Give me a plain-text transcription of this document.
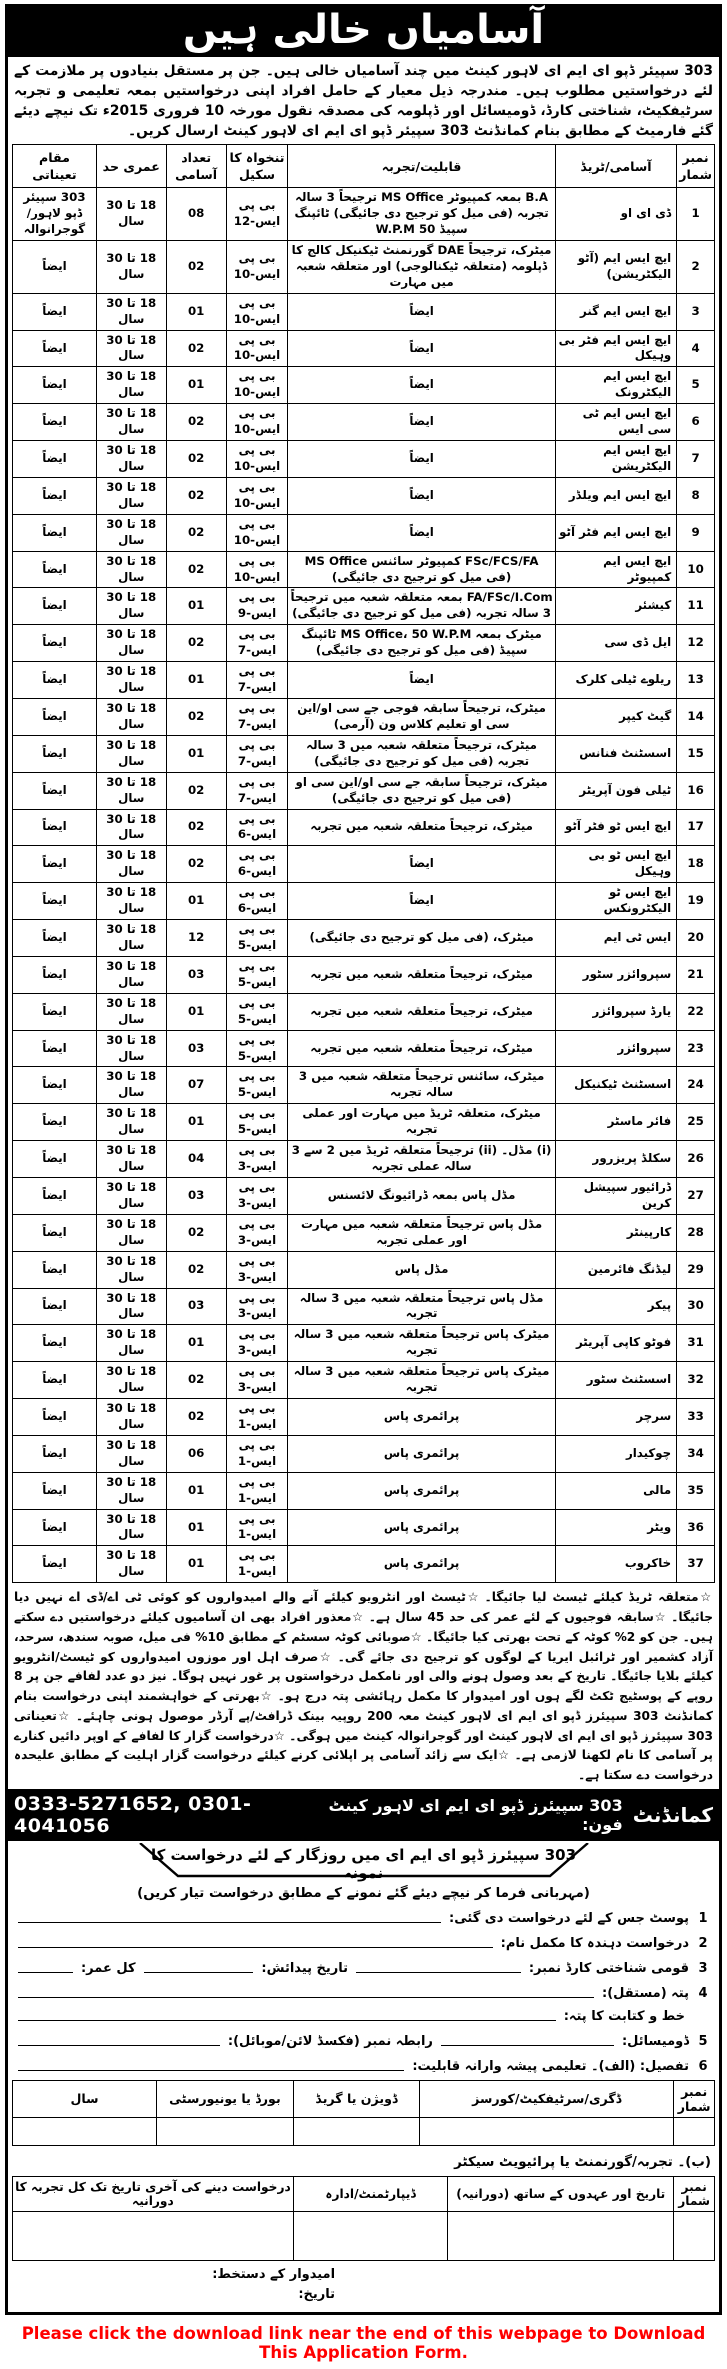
آسامیاں خالی ہیں

303 سپیئر ڈپو ای ایم ای لاہور کینٹ میں چند آسامیاں خالی ہیں۔ جن پر مستقل بنیادوں پر ملازمت کے لئے درخواستیں مطلوب ہیں۔ مندرجہ ذیل معیار کے حامل افراد اپنی درخواستیں بمعہ تعلیمی و تجربہ سرٹیفکیٹ، شناختی کارڈ، ڈومیسائل اور ڈپلومہ کی مصدقہ نقول مورخہ 10 فروری 2015ء تک نیچے دیئے گئے فارمیٹ کے مطابق بنام کمانڈنٹ 303 سپیئر ڈپو ای ایم ای لاہور کینٹ ارسال کریں۔

نمبر شمار	آسامی/ٹریڈ	قابلیت/تجربہ	تنخواہ کا سکیل	تعداد آسامی	عمری حد	مقام تعیناتی
1	ڈی ای او	B.A بمعہ کمپیوٹر MS Office ترجیحاً 3 سالہ تجربہ (فی میل کو ترجیح دی جائیگی) ٹائپنگ سپیڈ 50 W.P.M	بی پی ایس-12	08	18 تا 30 سال	303 سپیئر ڈپو لاہور/گوجرانوالہ
2	ایچ ایس ایم (آٹو الیکٹریشن)	میٹرک، ترجیحاً DAE گورنمنٹ ٹیکنیکل کالج کا ڈپلومہ (متعلقہ ٹیکنالوجی) اور متعلقہ شعبہ میں مہارت	بی پی ایس-10	02	18 تا 30 سال	ایضاً
3	ایچ ایس ایم گنر	ایضاً	بی پی ایس-10	01	18 تا 30 سال	ایضاً
4	ایچ ایس ایم فٹر بی وہیکل	ایضاً	بی پی ایس-10	02	18 تا 30 سال	ایضاً
5	ایچ ایس ایم الیکٹرونک	ایضاً	بی پی ایس-10	01	18 تا 30 سال	ایضاً
6	ایچ ایس ایم ٹی سی ایس	ایضاً	بی پی ایس-10	02	18 تا 30 سال	ایضاً
7	ایچ ایس ایم الیکٹریشن	ایضاً	بی پی ایس-10	02	18 تا 30 سال	ایضاً
8	ایچ ایس ایم ویلڈر	ایضاً	بی پی ایس-10	02	18 تا 30 سال	ایضاً
9	ایچ ایس ایم فٹر آٹو	ایضاً	بی پی ایس-10	02	18 تا 30 سال	ایضاً
10	ایچ ایس ایم کمپیوٹر	FSc/FCS/FA کمپیوٹر سائنس MS Office (فی میل کو ترجیح دی جائیگی)	بی پی ایس-10	02	18 تا 30 سال	ایضاً
11	کیشئر	FA/FSc/I.Com بمعہ متعلقہ شعبہ میں ترجیحاً 3 سالہ تجربہ (فی میل کو ترجیح دی جائیگی)	بی پی ایس-9	01	18 تا 30 سال	ایضاً
12	ایل ڈی سی	میٹرک بمعہ MS Office، 50 W.P.M ٹائپنگ سپیڈ (فی میل کو ترجیح دی جائیگی)	بی پی ایس-7	02	18 تا 30 سال	ایضاً
13	ریلوے ٹیلی کلرک	ایضاً	بی پی ایس-7	01	18 تا 30 سال	ایضاً
14	گیٹ کیپر	میٹرک، ترجیحاً سابقہ فوجی جے سی او/این سی او تعلیم کلاس ون (آرمی)	بی پی ایس-7	02	18 تا 30 سال	ایضاً
15	اسسٹنٹ فنانس	میٹرک، ترجیحاً متعلقہ شعبہ میں 3 سالہ تجربہ (فی میل کو ترجیح دی جائیگی)	بی پی ایس-7	01	18 تا 30 سال	ایضاً
16	ٹیلی فون آپریٹر	میٹرک، ترجیحاً سابقہ جے سی او/این سی او (فی میل کو ترجیح دی جائیگی)	بی پی ایس-7	02	18 تا 30 سال	ایضاً
17	ایچ ایس ٹو فٹر آٹو	میٹرک، ترجیحاً متعلقہ شعبہ میں تجربہ	بی پی ایس-6	02	18 تا 30 سال	ایضاً
18	ایچ ایس ٹو بی وہیکل	ایضاً	بی پی ایس-6	02	18 تا 30 سال	ایضاً
19	ایچ ایس ٹو الیکٹرونکس	ایضاً	بی پی ایس-6	01	18 تا 30 سال	ایضاً
20	ایس ٹی ایم	میٹرک، (فی میل کو ترجیح دی جائیگی)	بی پی ایس-5	12	18 تا 30 سال	ایضاً
21	سپروائزر سٹور	میٹرک، ترجیحاً متعلقہ شعبہ میں تجربہ	بی پی ایس-5	03	18 تا 30 سال	ایضاً
22	یارڈ سپروائزر	میٹرک، ترجیحاً متعلقہ شعبہ میں تجربہ	بی پی ایس-5	01	18 تا 30 سال	ایضاً
23	سپروائزر	میٹرک، ترجیحاً متعلقہ شعبہ میں تجربہ	بی پی ایس-5	03	18 تا 30 سال	ایضاً
24	اسسٹنٹ ٹیکنیکل	میٹرک، سائنس ترجیحاً متعلقہ شعبہ میں 3 سالہ تجربہ	بی پی ایس-5	07	18 تا 30 سال	ایضاً
25	فائر ماسٹر	میٹرک، متعلقہ ٹریڈ میں مہارت اور عملی تجربہ	بی پی ایس-5	01	18 تا 30 سال	ایضاً
26	سکلڈ پریزرور	(i) مڈل۔ (ii) ترجیحاً متعلقہ ٹریڈ میں 2 سے 3 سالہ عملی تجربہ	بی پی ایس-3	04	18 تا 30 سال	ایضاً
27	ڈرائیور سپیشل کرین	مڈل پاس بمعہ ڈرائیونگ لائسنس	بی پی ایس-3	03	18 تا 30 سال	ایضاً
28	کارپینٹر	مڈل پاس ترجیحاً متعلقہ شعبہ میں مہارت اور عملی تجربہ	بی پی ایس-3	02	18 تا 30 سال	ایضاً
29	لیڈنگ فائرمین	مڈل پاس	بی پی ایس-3	02	18 تا 30 سال	ایضاً
30	پیکر	مڈل پاس ترجیحاً متعلقہ شعبہ میں 3 سالہ تجربہ	بی پی ایس-3	03	18 تا 30 سال	ایضاً
31	فوٹو کاپی آپریٹر	میٹرک پاس ترجیحاً متعلقہ شعبہ میں 3 سالہ تجربہ	بی پی ایس-3	01	18 تا 30 سال	ایضاً
32	اسسٹنٹ سٹور	میٹرک پاس ترجیحاً متعلقہ شعبہ میں 3 سالہ تجربہ	بی پی ایس-3	02	18 تا 30 سال	ایضاً
33	سرچر	پرائمری پاس	بی پی ایس-1	02	18 تا 30 سال	ایضاً
34	چوکیدار	پرائمری پاس	بی پی ایس-1	06	18 تا 30 سال	ایضاً
35	مالی	پرائمری پاس	بی پی ایس-1	01	18 تا 30 سال	ایضاً
36	ویٹر	پرائمری پاس	بی پی ایس-1	01	18 تا 30 سال	ایضاً
37	خاکروب	پرائمری پاس	بی پی ایس-1	01	18 تا 30 سال	ایضاً

☆متعلقہ ٹریڈ کیلئے ٹیسٹ لیا جائیگا۔☆ٹیسٹ اور انٹرویو کیلئے آنے والے امیدواروں کو کوئی ٹی اے/ڈی اے نہیں دیا جائیگا۔☆سابقہ فوجیوں کے لئے عمر کی حد 45 سال ہے۔☆معذور افراد بھی ان آسامیوں کیلئے درخواستیں دے سکتے ہیں۔ جن کو 2% کوٹہ کے تحت بھرتی کیا جائیگا۔☆صوبائی کوٹہ سسٹم کے مطابق 10% فی میل، صوبہ سندھ، سرحد، آزاد کشمیر اور ٹرائبل ایریا کے لوگوں کو ترجیح دی جائے گی۔☆صرف اہل اور موزوں امیدواروں کو ٹیسٹ/انٹرویو کیلئے بلایا جائیگا۔ تاریخ کے بعد وصول ہونے والی اور نامکمل درخواستوں پر غور نہیں ہوگا۔ نیز دو عدد لفافے جن پر 8 روپے کے پوسٹیج ٹکٹ لگے ہوں اور امیدوار کا مکمل رہائشی پتہ درج ہو۔☆بھرتی کے خواہشمند اپنی درخواست بنام کمانڈنٹ 303 سپیئرز ڈپو ای ایم ای لاہور کینٹ معہ 200 روپیہ بینک ڈرافٹ/پے آرڈر موصول ہونی چاہئے۔☆تعیناتی 303 سپیئرز ڈپو ای ایم ای لاہور کینٹ اور گوجرانوالہ کینٹ میں ہوگی۔☆درخواست گزار کا لفافے کے اوپر دائیں کنارے پر آسامی کا نام لکھنا لازمی ہے۔☆ایک سے زائد آسامی پر اپلائی کرنے کیلئے درخواست گزار اہلیت کے مطابق علیحدہ درخواست دے سکتا ہے۔

کمانڈنٹ
303 سپیئرز ڈپو ای ایم ای لاہور کینٹ فون:
0333-5271652, 0301-4041056
303 سپیئرز ڈپو ای ایم ای میں روزگار کے لئے درخواست کا نمونہ

(مہربانی فرما کر نیچے دیئے گئے نمونے کے مطابق درخواست تیار کریں)

1
پوسٹ جس کے لئے درخواست دی گئی:
2
درخواست دہندہ کا مکمل نام:
3
قومی شناختی کارڈ نمبر:
تاریخ پیدائش:
کل عمر:
4
پتہ (مستقل):
خط و کتابت کا پتہ:
5
ڈومیسائل:
رابطہ نمبر (فکسڈ لائن/موبائل):
6
تفصیل: (الف)۔ تعلیمی پیشہ وارانہ قابلیت:
نمبر شمار	ڈگری/سرٹیفکیٹ/کورسز	ڈویژن یا گریڈ	بورڈ یا یونیورسٹی	سال

(ب)۔ تجربہ/گورنمنٹ یا پرائیویٹ سیکٹر

نمبر شمار	تاریخ اور عہدوں کے ساتھ (دورانیہ)	ڈیپارٹمنٹ/ادارہ	درخواست دینے کی آخری تاریخ تک کل تجربہ کا دورانیہ

امیدوار کے دستخط:
تاریخ:

Please click the download link near the end of this webpage to Download This Application Form.
